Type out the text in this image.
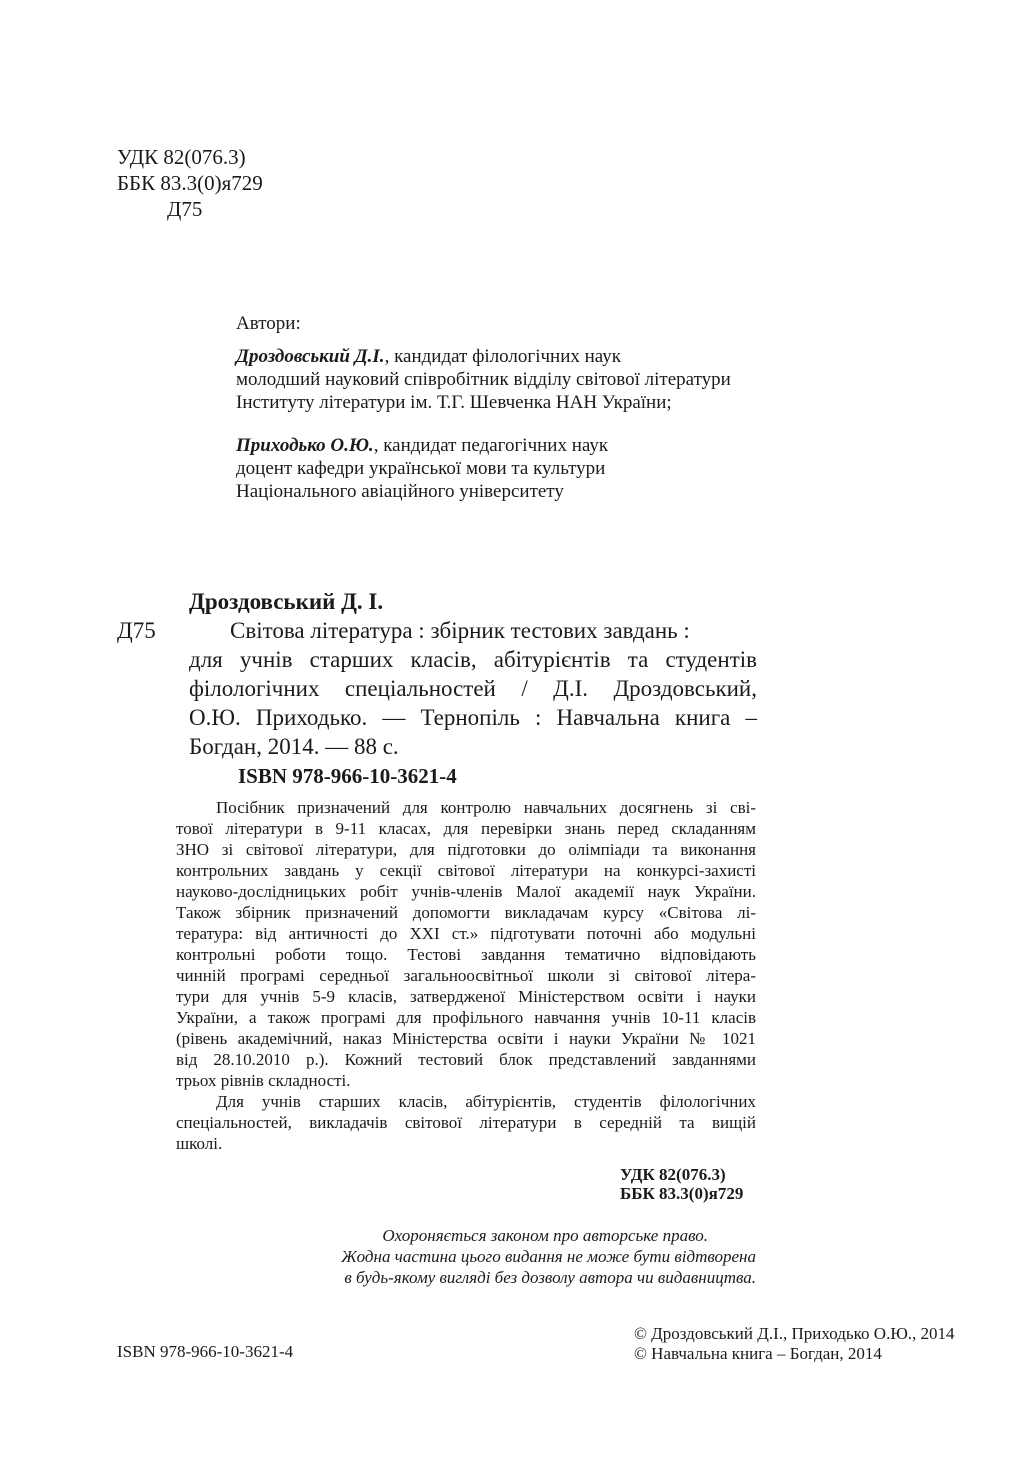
УДК 82(076.3)
ББК 83.3(0)я729
Д75
Автори:
Дроздовський Д.І., кандидат філологічних наук
молодший науковий співробітник відділу світової літератури
Інституту літератури ім. Т.Г. Шевченка НАН України;
Приходько О.Ю., кандидат педагогічних наук
доцент кафедри української мови та культури
Національного авіаційного університету
Дроздовський Д. І.
Д75	Світова література : збірник тестових завдань :
для учнів старших класів, абітурієнтів та студентів
філологічних спеціальностей / Д.І. Дроздовський,
О.Ю. Приходько. — Тернопіль : Навчальна книга –
Богдан, 2014. — 88 с.
ISBN 978-966-10-3621-4
Посібник призначений для контролю навчальних досягнень зі сві-
тової літератури в 9-11 класах, для перевірки знань перед складанням
ЗНО зі світової літератури, для підготовки до олімпіади та виконання
контрольних завдань у секції світової літератури на конкурсі-захисті
науково-дослідницьких робіт учнів-членів Малої академії наук України.
Також збірник призначений допомогти викладачам курсу «Світова лі-
тература: від античності до XXI ст.» підготувати поточні або модульні
контрольні роботи тощо. Тестові завдання тематично відповідають
чинній програмі середньої загальноосвітньої школи зі світової літера-
тури для учнів 5-9 класів, затвердженої Міністерством освіти і науки
України, а також програмі для профільного навчання учнів 10-11 класів
(рівень академічний, наказ Міністерства освіти і науки України № 1021
від 28.10.2010 р.). Кожний тестовий блок представлений завданнями
трьох рівнів складності.
Для учнів старших класів, абітурієнтів, студентів філологічних
спеціальностей, викладачів світової літератури в середній та вищій
школі.
УДК 82(076.3)
ББК 83.3(0)я729
Охороняється законом про авторське право.
Жодна частина цього видання не може бути відтворена
в будь-якому вигляді без дозволу автора чи видавництва.
ISBN 978-966-10-3621-4
© Дроздовський Д.І., Приходько О.Ю., 2014
© Навчальна книга – Богдан, 2014
